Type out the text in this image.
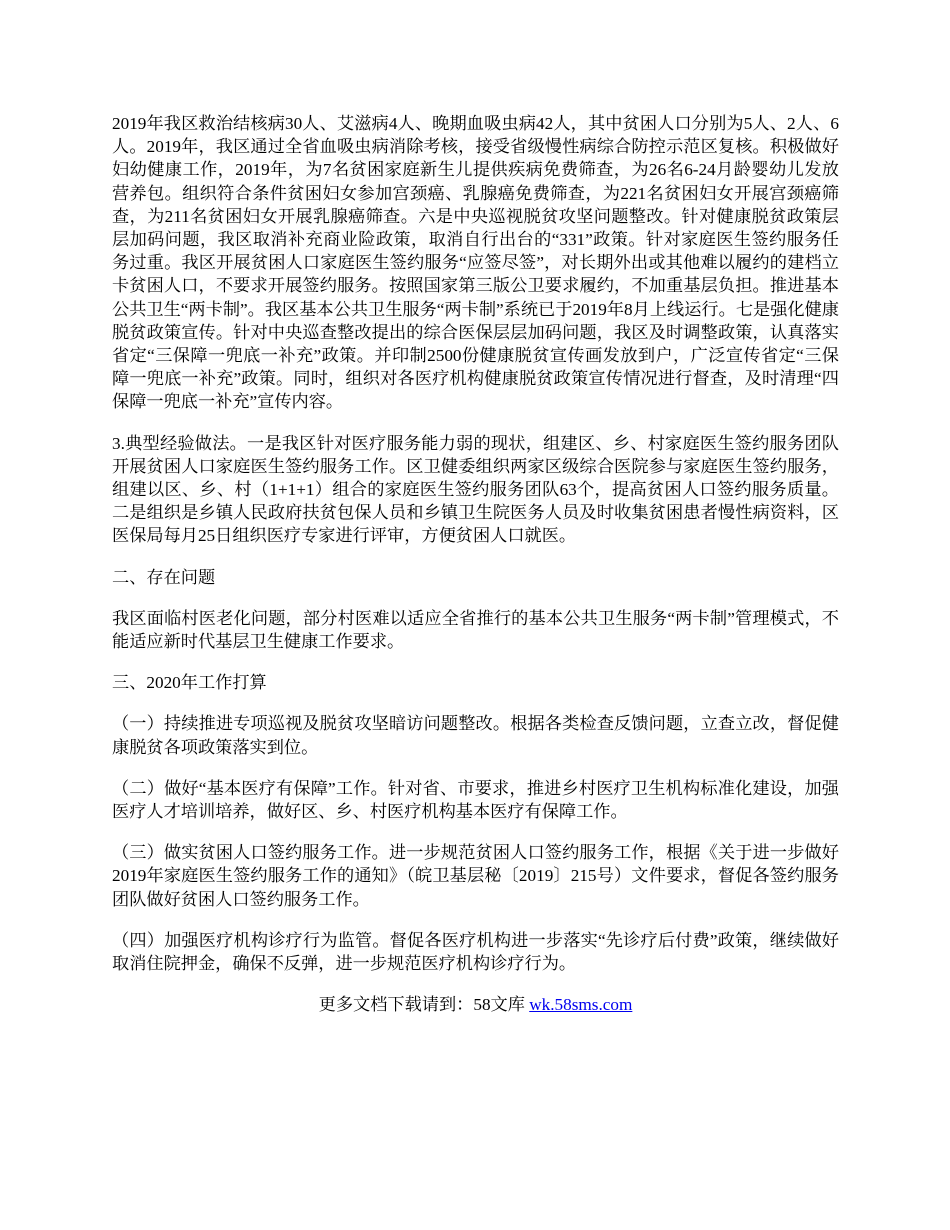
2019年我区救治结核病30人、艾滋病4人、晚期血吸虫病42人，其中贫困人口分别为5人、2人、6人。2019年，我区通过全省血吸虫病消除考核，接受省级慢性病综合防控示范区复核。积极做好妇幼健康工作，2019年，为7名贫困家庭新生儿提供疾病免费筛查，为26名6-24月龄婴幼儿发放营养包。组织符合条件贫困妇女参加宫颈癌、乳腺癌免费筛查，为221名贫困妇女开展宫颈癌筛查，为211名贫困妇女开展乳腺癌筛查。六是中央巡视脱贫攻坚问题整改。针对健康脱贫政策层层加码问题，我区取消补充商业险政策，取消自行出台的“331”政策。针对家庭医生签约服务任务过重。我区开展贫困人口家庭医生签约服务“应签尽签”，对长期外出或其他难以履约的建档立卡贫困人口，不要求开展签约服务。按照国家第三版公卫要求履约，不加重基层负担。推进基本公共卫生“两卡制”。我区基本公共卫生服务“两卡制”系统已于2019年8月上线运行。七是强化健康脱贫政策宣传。针对中央巡查整改提出的综合医保层层加码问题，我区及时调整政策，认真落实省定“三保障一兜底一补充”政策。并印制2500份健康脱贫宣传画发放到户，广泛宣传省定“三保障一兜底一补充”政策。同时，组织对各医疗机构健康脱贫政策宣传情况进行督查，及时清理“四保障一兜底一补充”宣传内容。

3.典型经验做法。一是我区针对医疗服务能力弱的现状，组建区、乡、村家庭医生签约服务团队开展贫困人口家庭医生签约服务工作。区卫健委组织两家区级综合医院参与家庭医生签约服务，组建以区、乡、村（1+1+1）组合的家庭医生签约服务团队63个，提高贫困人口签约服务质量。二是组织是乡镇人民政府扶贫包保人员和乡镇卫生院医务人员及时收集贫困患者慢性病资料，区医保局每月25日组织医疗专家进行评审，方便贫困人口就医。

二、存在问题

我区面临村医老化问题，部分村医难以适应全省推行的基本公共卫生服务“两卡制”管理模式，不能适应新时代基层卫生健康工作要求。

三、2020年工作打算

（一）持续推进专项巡视及脱贫攻坚暗访问题整改。根据各类检查反馈问题，立查立改，督促健康脱贫各项政策落实到位。

（二）做好“基本医疗有保障”工作。针对省、市要求，推进乡村医疗卫生机构标准化建设，加强医疗人才培训培养，做好区、乡、村医疗机构基本医疗有保障工作。

（三）做实贫困人口签约服务工作。进一步规范贫困人口签约服务工作，根据《关于进一步做好2019年家庭医生签约服务工作的通知》（皖卫基层秘〔2019〕215号）文件要求，督促各签约服务团队做好贫困人口签约服务工作。

（四）加强医疗机构诊疗行为监管。督促各医疗机构进一步落实“先诊疗后付费”政策，继续做好取消住院押金，确保不反弹，进一步规范医疗机构诊疗行为。

更多文档下载请到：58文库 wk.58sms.com
